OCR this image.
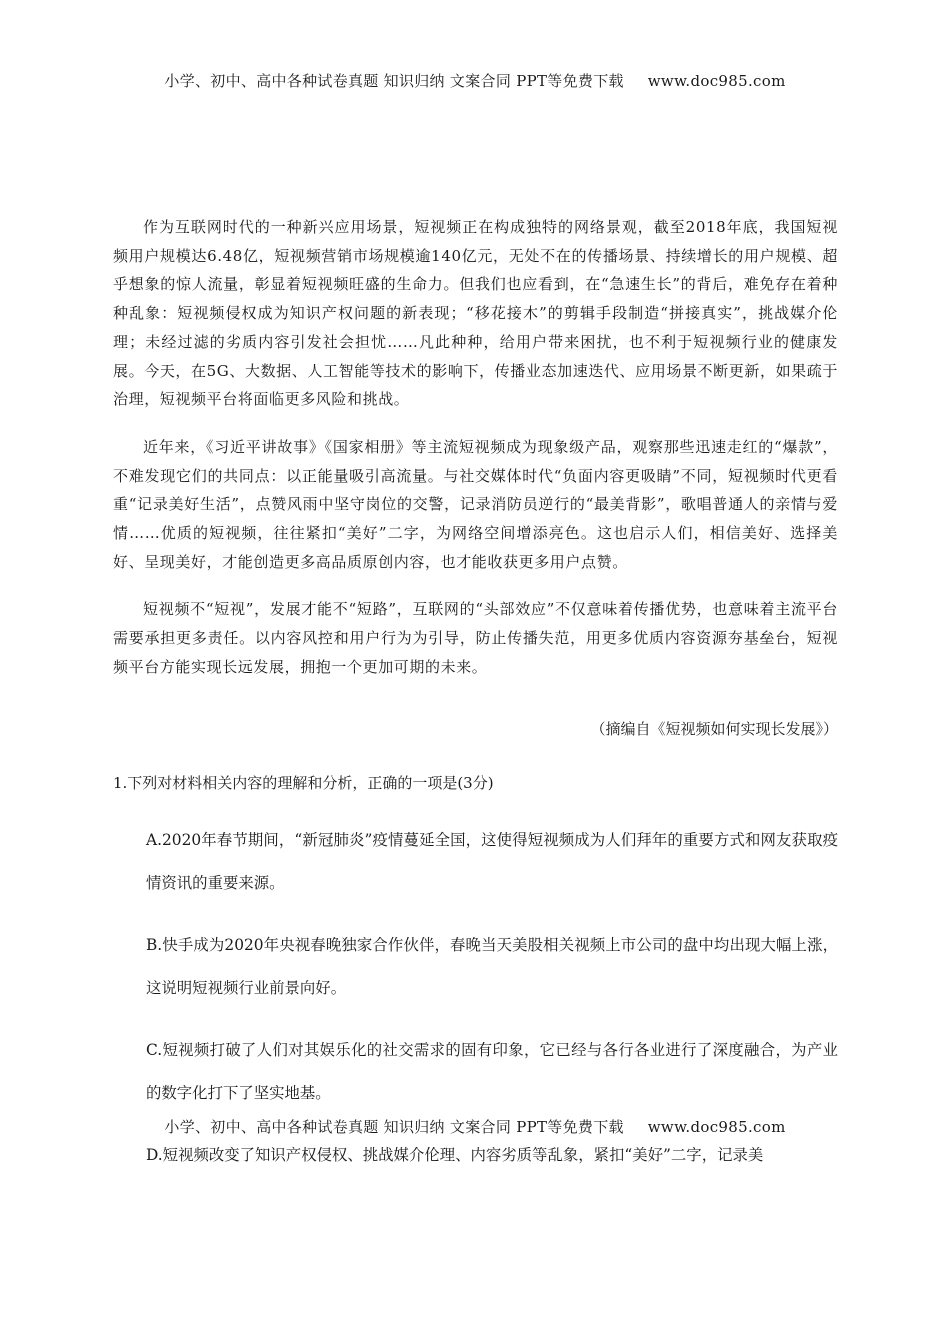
小学、初中、高中各种试卷真题 知识归纳 文案合同 PPT等免费下载 www.doc985.com

作为互联网时代的一种新兴应用场景，短视频正在构成独特的网络景观，截至2018年底，我国短视频用户规模达6.48亿，短视频营销市场规模逾140亿元，无处不在的传播场景、持续增长的用户规模、超乎想象的惊人流量，彰显着短视频旺盛的生命力。但我们也应看到，在“急速生长”的背后，难免存在着种种乱象：短视频侵权成为知识产权问题的新表现；“移花接木”的剪辑手段制造“拼接真实”，挑战媒介伦理；未经过滤的劣质内容引发社会担忧……凡此种种，给用户带来困扰，也不利于短视频行业的健康发展。今天，在5G、大数据、人工智能等技术的影响下，传播业态加速迭代、应用场景不断更新，如果疏于治理，短视频平台将面临更多风险和挑战。

近年来，《习近平讲故事》《国家相册》等主流短视频成为现象级产品，观察那些迅速走红的“爆款”，不难发现它们的共同点：以正能量吸引高流量。与社交媒体时代“负面内容更吸睛”不同，短视频时代更看重“记录美好生活”，点赞风雨中坚守岗位的交警，记录消防员逆行的“最美背影”，歌唱普通人的亲情与爱情……优质的短视频，往往紧扣“美好”二字，为网络空间增添亮色。这也启示人们，相信美好、选择美好、呈现美好，才能创造更多高品质原创内容，也才能收获更多用户点赞。

短视频不“短视”，发展才能不“短路”，互联网的“头部效应”不仅意味着传播优势，也意味着主流平台需要承担更多责任。以内容风控和用户行为为引导，防止传播失范，用更多优质内容资源夯基垒台，短视频平台方能实现长远发展，拥抱一个更加可期的未来。

（摘编自《短视频如何实现长发展》）

1.下列对材料相关内容的理解和分析，正确的一项是(3分)

A.2020年春节期间，“新冠肺炎”疫情蔓延全国，这使得短视频成为人们拜年的重要方式和网友获取疫情资讯的重要来源。

B.快手成为2020年央视春晚独家合作伙伴，春晚当天美股相关视频上市公司的盘中均出现大幅上涨，这说明短视频行业前景向好。

C.短视频打破了人们对其娱乐化的社交需求的固有印象，它已经与各行各业进行了深度融合，为产业的数字化打下了坚实地基。

D.短视频改变了知识产权侵权、挑战媒介伦理、内容劣质等乱象，紧扣“美好”二字，记录美

小学、初中、高中各种试卷真题 知识归纳 文案合同 PPT等免费下载 www.doc985.com
